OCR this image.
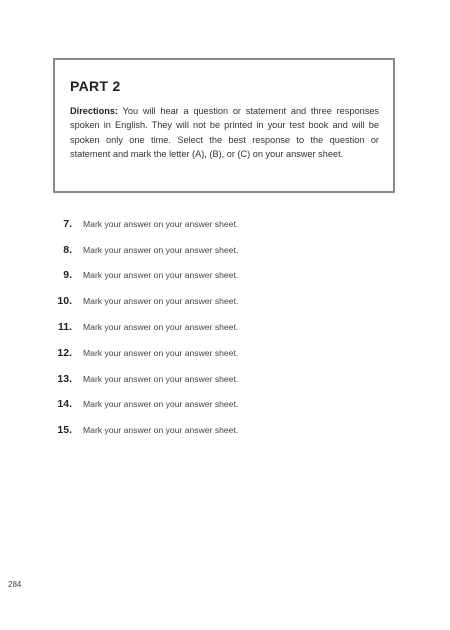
PART 2

Directions: You will hear a question or statement and three responses spoken in English. They will not be printed in your test book and will be spoken only one time. Select the best response to the question or statement and mark the letter (A), (B), or (C) on your answer sheet.

7. Mark your answer on your answer sheet.
8. Mark your answer on your answer sheet.
9. Mark your answer on your answer sheet.
10. Mark your answer on your answer sheet.
11. Mark your answer on your answer sheet.
12. Mark your answer on your answer sheet.
13. Mark your answer on your answer sheet.
14. Mark your answer on your answer sheet.
15. Mark your answer on your answer sheet.
284
